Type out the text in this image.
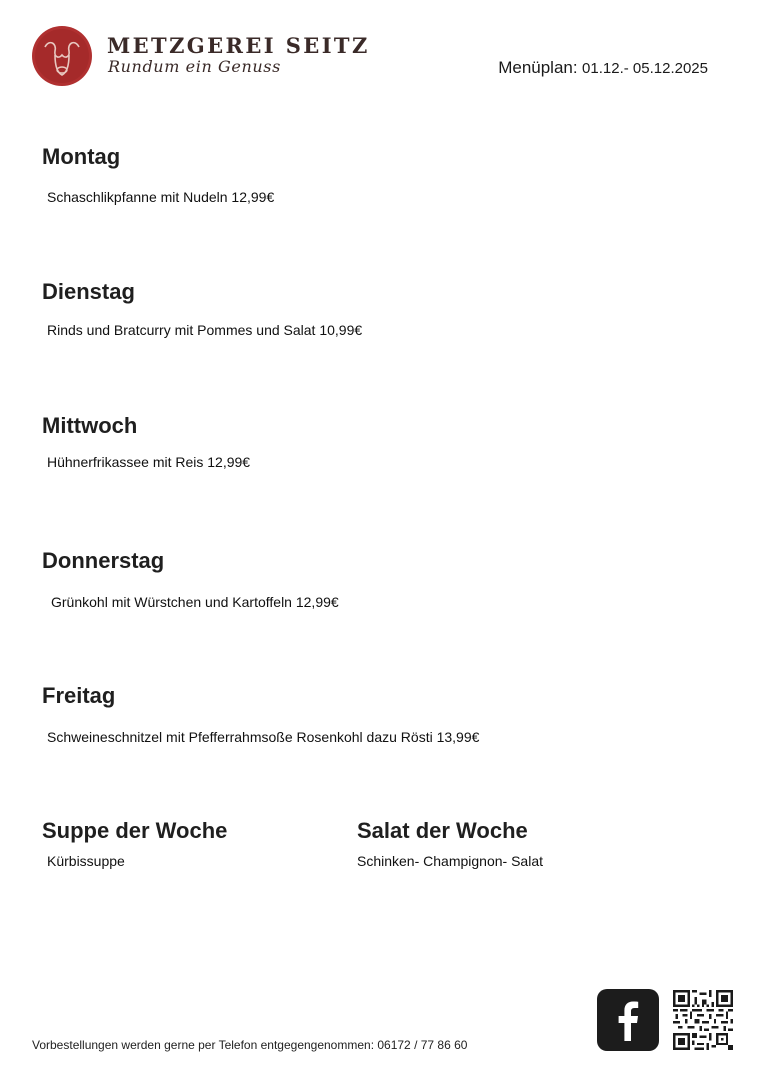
METZGEREI SEITZ
Rundum ein Genuss	Menüplan: 01.12.- 05.12.2025
Montag

Schaschlikpfanne mit Nudeln 12,99€

Dienstag

Rinds und Bratcurry mit Pommes und Salat 10,99€

Mittwoch

Hühnerfrikassee mit Reis 12,99€

Donnerstag

Grünkohl mit Würstchen und Kartoffeln 12,99€

Freitag

Schweineschnitzel mit Pfefferrahmsoße Rosenkohl dazu Rösti 13,99€

Suppe der Woche

Kürbissuppe

Salat der Woche

Schinken- Champignon- Salat

Vorbestellungen werden gerne per Telefon entgegengenommen: 06172 / 77 86 60
